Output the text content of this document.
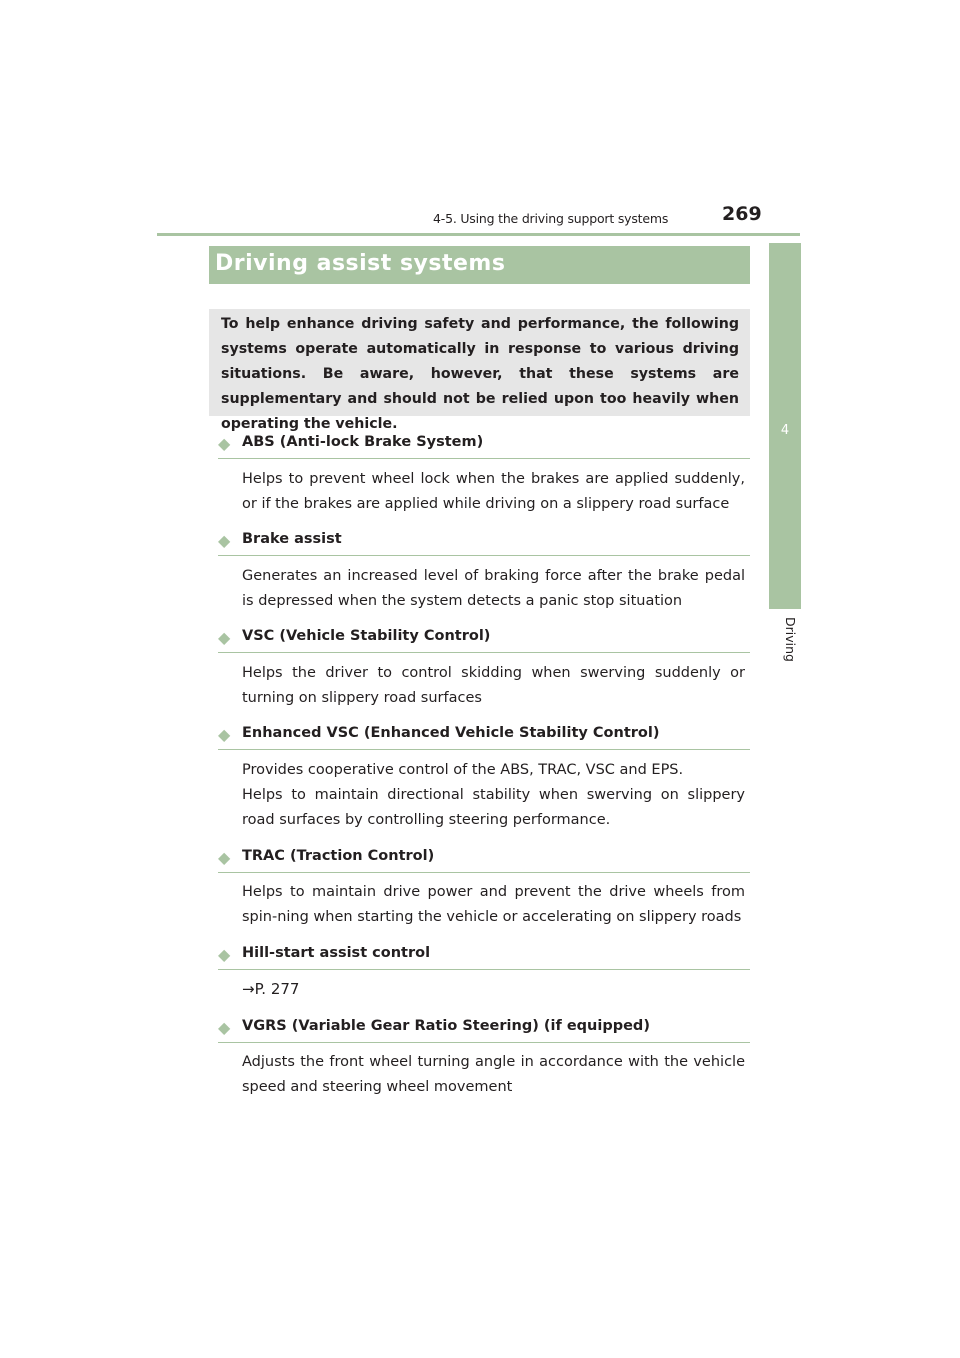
4-5. Using the driving support systems	269
4
Driving
Driving assist systems
To help enhance driving safety and performance, the following systems operate automatically in response to various driving situations. Be aware, however, that these systems are supplementary and should not be relied upon too heavily when operating the vehicle.
◆ ABS (Anti-lock Brake System)

Helps to prevent wheel lock when the brakes are applied suddenly, or if the brakes are applied while driving on a slippery road surface

◆ Brake assist

Generates an increased level of braking force after the brake pedal is depressed when the system detects a panic stop situation

◆ VSC (Vehicle Stability Control)

Helps the driver to control skidding when swerving suddenly or turning on slippery road surfaces

◆ Enhanced VSC (Enhanced Vehicle Stability Control)

Provides cooperative control of the ABS, TRAC, VSC and EPS.

Helps to maintain directional stability when swerving on slippery road surfaces by controlling steering performance.

◆ TRAC (Traction Control)

Helps to maintain drive power and prevent the drive wheels from spin-ning when starting the vehicle or accelerating on slippery roads

◆ Hill-start assist control
→P. 277
◆ VGRS (Variable Gear Ratio Steering) (if equipped)

Adjusts the front wheel turning angle in accordance with the vehicle speed and steering wheel movement
